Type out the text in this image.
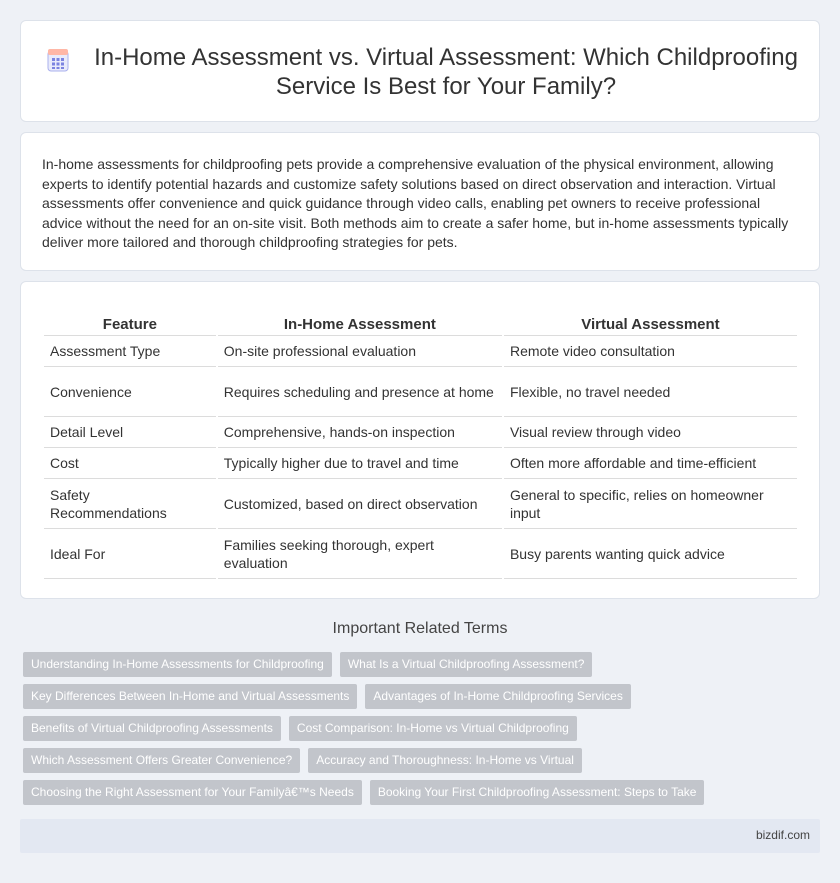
In-Home Assessment vs. Virtual Assessment: Which Childproofing Service Is Best for Your Family?

In-home assessments for childproofing pets provide a comprehensive evaluation of the physical environment, allowing experts to identify potential hazards and customize safety solutions based on direct observation and interaction. Virtual assessments offer convenience and quick guidance through video calls, enabling pet owners to receive professional advice without the need for an on-site visit. Both methods aim to create a safer home, but in-home assessments typically deliver more tailored and thorough childproofing strategies for pets.

Feature	In-Home Assessment	Virtual Assessment
Assessment Type	On-site professional evaluation	Remote video consultation
Convenience	Requires scheduling and presence at home	Flexible, no travel needed
Detail Level	Comprehensive, hands-on inspection	Visual review through video
Cost	Typically higher due to travel and time	Often more affordable and time-efficient
Safety Recommendations	Customized, based on direct observation	General to specific, relies on homeowner input
Ideal For	Families seeking thorough, expert evaluation	Busy parents wanting quick advice
Important Related Terms
Understanding In-Home Assessments for Childproofing	What Is a Virtual Childproofing Assessment?
Key Differences Between In-Home and Virtual Assessments	Advantages of In-Home Childproofing Services
Benefits of Virtual Childproofing Assessments	Cost Comparison: In-Home vs Virtual Childproofing
Which Assessment Offers Greater Convenience?	Accuracy and Thoroughness: In-Home vs Virtual
Choosing the Right Assessment for Your Familyâ€™s Needs	Booking Your First Childproofing Assessment: Steps to Take
bizdif.com
